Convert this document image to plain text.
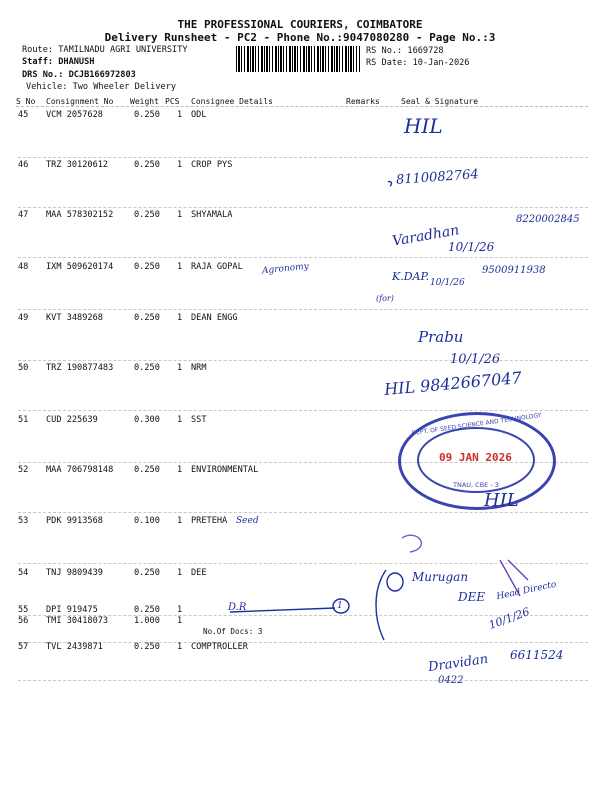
THE PROFESSIONAL COURIERS, COIMBATORE
Delivery Runsheet - PC2 - Phone No.:9047080280 - Page No.:3
Route: TAMILNADU AGRI UNIVERSITY
Staff: DHANUSH
DRS No.: DCJB166972803
Vehicle: Two Wheeler Delivery
RS No.: 1669728
RS Date: 10-Jan-2026
S No Consignment No Weight PCS Consignee Details	Remarks	Seal & Signature
45 VCM 2057628	0.250 1 ODL
46 TRZ 30120612	0.250 1 CROP PYS
47 MAA 578302152 0.250 1 SHYAMALA
48 IXM 509620174 0.250 1 RAJA GOPAL
49 KVT 3489268	0.250 1 DEAN ENGG
50 TRZ 190877483 0.250 1 NRM
51 CUD 225639	0.300 1 SST
52 MAA 706798148 0.250 1 ENVIRONMENTAL
53 PDK 9913568	0.100 1 PRETEHA
54 TNJ 9809439	0.250 1 DEE
55 DPI 919475	0.250 1
56 TMI 30418073	1.000 1
No.Of Docs: 3
57 TVL 2439871	0.250 1 COMPTROLLER
DEPT. OF SEED SCIENCE AND TECHNOLOGY
09 JAN 2026
TNAU, CBE - 3
HIL
8110082764
Varadhan
8220002845
10/1/26
Agronomy
K.DAP. 10/1/26
9500911938
(for)
Prabu
10/1/26
HIL 9842667047
HIL
Seed
Murugan
DEE Head Directo
10/1/26
D.R	1
Dravidan 6611524
0422
